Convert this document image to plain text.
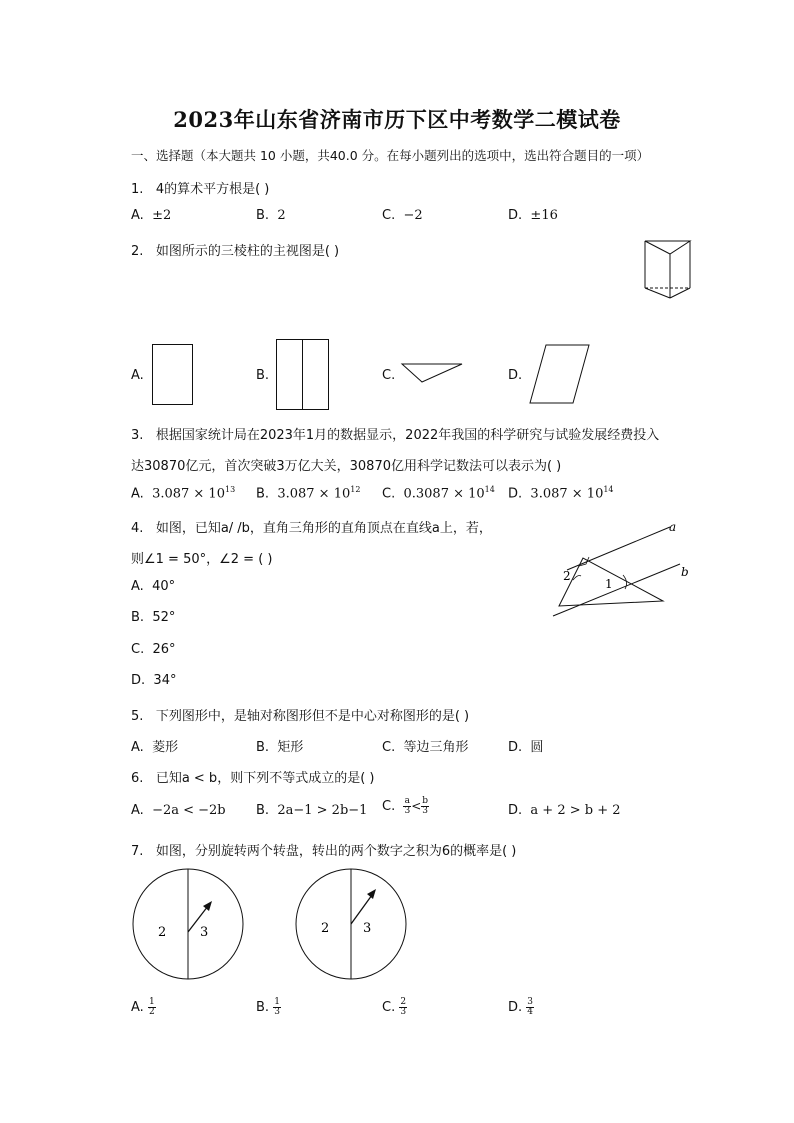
2023年山东省济南市历下区中考数学二模试卷
一、选择题（本大题共 10 小题，共40.0 分。在每小题列出的选项中，选出符合题目的一项）
1. 4的算术平方根是( )
A. ±2	B. 2	C. −2	D. ±16
2. 如图所示的三棱柱的主视图是( )
A.	B.	C.	D.
3. 根据国家统计局在2023年1月的数据显示，2022年我国的科学研究与试验发展经费投入
达30870亿元，首次突破3万亿大关，30870亿用科学记数法可以表示为( )
A. $3.087 \times 10^{13}$ B. $3.087 \times 10^{12}$ C. $0.3087 \times 10^{14}$ D. $3.087 \times 10^{14}$
4. 如图，已知a/ /b，直角三角形的直角顶点在直线a上，若，
则∠1 = 50°，∠2 = ( )
a
b
1
2
A. 40°
B. 52°
C. 26°
D. 34°
5. 下列图形中，是轴对称图形但不是中心对称图形的是( )
A. 菱形	B. 矩形	C. 等边三角形	D. 圆
6. 已知a < b，则下列不等式成立的是( )
A. −2a < −2b B. 2a−1 > 2b−1 C. $\frac{a}{3} < \frac{b}{3}$	D. a + 2 > b + 2
7. 如图，分别旋转两个转盘，转出的两个数字之积为6的概率是( )
2	3	2	3
A. $\frac{1}{2}$	B. $\frac{1}{3}$	C. $\frac{2}{3}$	D. $\frac{3}{4}$
